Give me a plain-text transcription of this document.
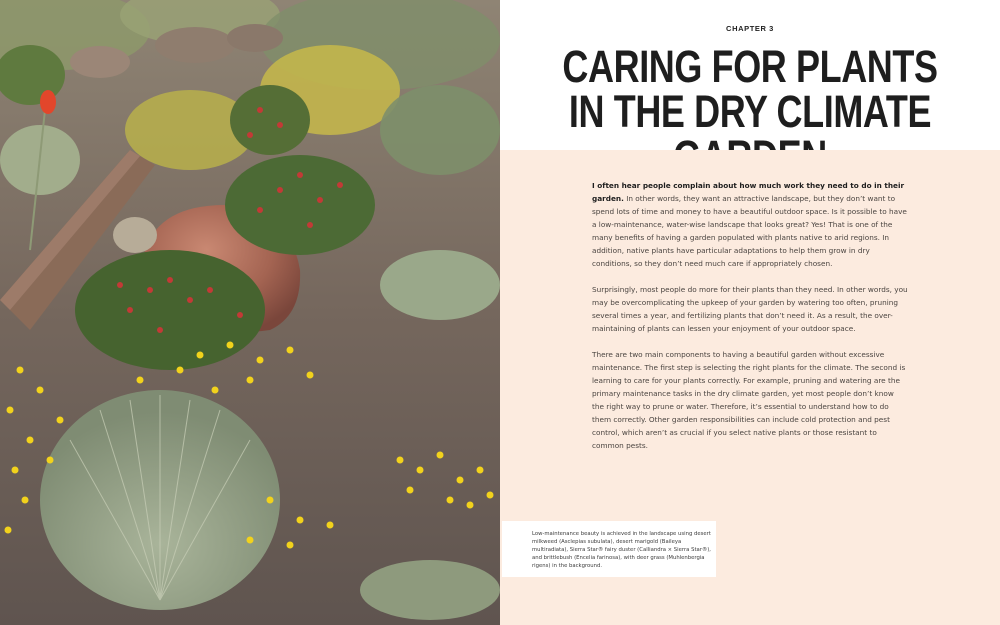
CHAPTER 3
CARING FOR PLANTS IN THE DRY CLIMATE

I often hear people complain about how much work they need to do in their garden. In other words, they want an attractive landscape, but they don’t want to spend lots of time and money to have a beautiful outdoor space. Is it possible to have a low-maintenance, water-wise landscape that looks great? Yes! That is one of the many benefits of having a garden populated with plants native to arid regions. In addition, native plants have particular adaptations to help them grow in dry conditions, so they don’t need much care if appropriately chosen.

Surprisingly, most people do more for their plants than they need. In other words, you may be overcomplicating the upkeep of your garden by watering too often, pruning several times a year, and fertilizing plants that don’t need it. As a result, the over-maintaining of plants can lessen your enjoyment of your outdoor space.

There are two main components to having a beautiful garden without excessive maintenance. The first step is selecting the right plants for the climate. The second is learning to care for your plants correctly. For example, pruning and watering are the primary maintenance tasks in the dry climate garden, yet most people don’t know the right way to prune or water. Therefore, it’s essential to understand how to do them correctly. Other garden responsibilities can include cold protection and pest control, which aren’t as crucial if you select native plants or those resistant to common pests.

Low-maintenance beauty is achieved in the landscape using desert milkweed (Asclepias subulata), desert marigold (Baileya multiradiata), Sierra Star® fairy duster (Calliandra × Sierra Star®), and brittlebush (Encelia farinosa), with deer grass (Muhlenbergia rigens) in the background.
